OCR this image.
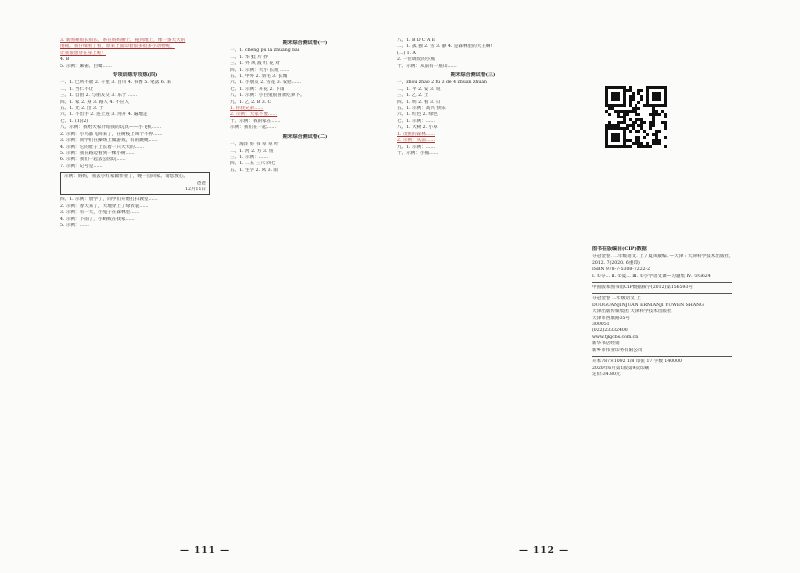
3. 新围裙很长很长，系在妈妈腰上，拖到地上，像一条大大的

围裙。我仔细看了看，原来上面印着很多很多小动物呢，

让我很想穿在身上呢！

4. B

5. 示例：麻雀、白鹭……

专项训练专攻练(四)

一、1. 已所不欲 2. 千里 3. 百川 4. 书香 5. 笔落 6. 来

二、1. 当仁不让

三、1. 自由 2. 与朋友交 3. 乐于 ……

四、1. 家 2. 身 3. 路人 4. 不应人

五、1. 光 2. 出 3. 于

六、1. 不出手 2. 连上连 3. 河开 4. 遍地走

七、1. (1)(2)

八、示例：我给大家介绍我的玩具——小飞机……

2. 示例：小鸟都飞回来了，在树枝上叫个不停……

3. 示例：同学们在操场上做游戏，有的跳绳……

4. 示例：它的肚子上长着一只大大的……

5. 示例：我在路边看到一棵小树……

6. 示例：我们一起去公园玩……

7. 示例：记号是……

示例：妈妈，我去小红家做作业了，晚一点回家。请您放心。

爸爸

12月11日

四、1. 示例：放学了，同学们开始打扫教室……

2. 示例：春天来了，大地穿上了绿衣裳……

3. 示例：有一天，小兔子在森林里……

4. 示例：下雨了，小蚂蚁在找家……

5. 示例：……

期末综合测试卷(一)

一、1. chéng pǔ lā zhuǎng bǎi

二、1. 华 蛙 片 抄

三、1. 外 风 波 红 花 对

四、1. 示例：大小 长短 ……

五、1. 中外 2. 羽毛 3. 长城

六、1. 小朋友 2. 雪花 3. 安慰……

七、1. 示例：开花 2. 下雨

八、1. 示例：小白兔很喜欢吃萝卜。

九、1. 乙 2. B 3. C

1. 你我兄弟……

2. 示例：大家不要……

十、示例：我的家在……

示例：我们在一起……

期末综合测试卷(二)

一、海洋 好 书 草 草 叶

二、1. 河 2. 方 3. 鱼

三、1. 示例：……

四、1. 二五 三六 四七

五、1. 生字 2. 风 3. 雨

八、1. B D C A E

二、1. 孤 独 2. 雪 3. 静 4. 是森林里的大王啊!

(二) 1. A

2. 一位调皮的小熊

十、示例：从前有一座山……

期末综合测试卷(三)

一、zhōu zhǎo 2 fù 3 dé 4 zhuān zhuǎn

二、1. 平 2. 安 3. 说

三、1. 乙 2. 土

四、1. 明 2. 看 3. 日

五、1. 示例：高兴 快乐

六、1. 红色 2. 绿色

七、1. 示例：……

八、1. 大树 2. 小草

1. 茂密的森林……

2. 示例：从前……

九、1. 示例：……

十、示例：小熊……

图书在版编目(CIP)数据

夺冠金卷. 二年级语文. 上 / 夏凤敏编. —天津 : 天津科学技术出版社, 2012. 7(2020. 6重印)

ISBN 978-7-5308-7222-2

Ⅰ. ①夺… Ⅱ. ①夏… Ⅲ. ①小学语文课—习题集 Ⅳ. ①G624

中国版本图书馆CIP数据核字(2012)第156593号

夺冠金卷 二年级语文 上

DUOGUANJINJUAN ERNIANJI YUWEN SHANG

天津出版传媒集团 天津科学技术出版社

天津市西康路35号

300051

(022)23332400

www.tjkjcbs.com.cn

新华书店经销

新乡市伟业印务有限公司

开本787×1092 1/8 印张 17 字数 140000

2020年6月第1版第9次印刷

定价:34.80元

— 111 —	— 112 —
